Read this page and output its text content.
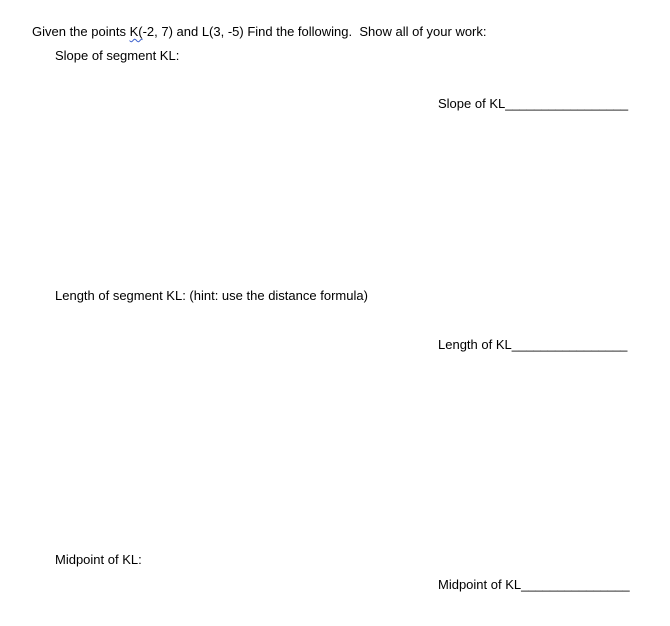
Given the points K(-2, 7) and L(3, -5) Find the following.  Show all of your work:

Slope of segment KL:

Slope of KL_________________

Length of segment KL: (hint: use the distance formula)

Length of KL________________

Midpoint of KL:

Midpoint of KL_______________
